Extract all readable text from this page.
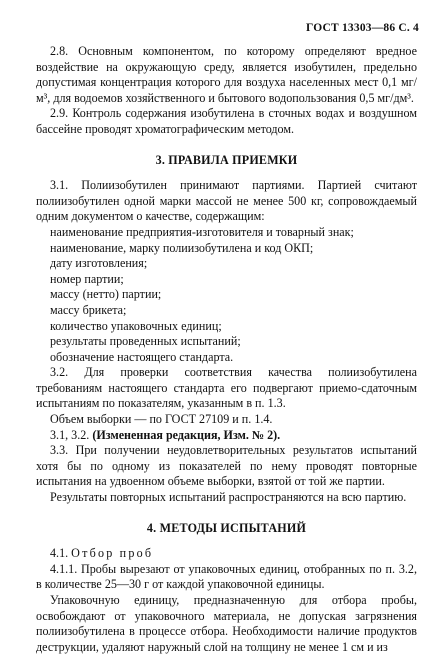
ГОСТ 13303—86 С. 4

2.8. Основным компонентом, по которому определяют вредное воздействие на окружающую среду, является изобутилен, предельно допустимая концентрация которого для воздуха населенных мест 0,1 мг/м³, для водоемов хозяйственного и бытового водопользования 0,5 мг/дм³.

2.9. Контроль содержания изобутилена в сточных водах и воздушном бассейне проводят хроматографическим методом.

3. ПРАВИЛА ПРИЕМКИ

3.1. Полиизобутилен принимают партиями. Партией считают полиизобутилен одной марки массой не менее 500 кг, сопровождаемый одним документом о качестве, содержащим:

наименование предприятия-изготовителя и товарный знак;
наименование, марку полиизобутилена и код ОКП;
дату изготовления;
номер партии;
массу (нетто) партии;
массу брикета;
количество упаковочных единиц;
результаты проведенных испытаний;
обозначение настоящего стандарта.

3.2. Для проверки соответствия качества полиизобутилена требованиям настоящего стандарта его подвергают приемо-сдаточным испытаниям по показателям, указанным в п. 1.3.

Объем выборки — по ГОСТ 27109 и п. 1.4.

3.1, 3.2. (Измененная редакция, Изм. № 2).

3.3. При получении неудовлетворительных результатов испытаний хотя бы по одному из показателей по нему проводят повторные испытания на удвоенном объеме выборки, взятой от той же партии.

Результаты повторных испытаний распространяются на всю партию.

4. МЕТОДЫ ИСПЫТАНИЙ

4.1. Отбор проб

4.1.1. Пробы вырезают от упаковочных единиц, отобранных по п. 3.2, в количестве 25—30 г от каждой упаковочной единицы.

Упаковочную единицу, предназначенную для отбора пробы, освобождают от упаковочного материала, не допуская загрязнения полиизобутилена в процессе отбора. Необходимости наличие продуктов деструкции, удаляют наружный слой на толщину не менее 1 см и из
